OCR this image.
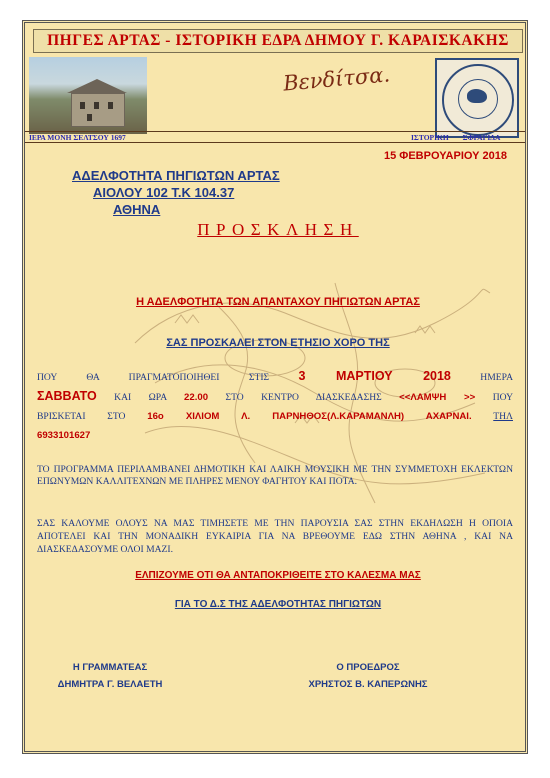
ΠΗΓΕΣ ΑΡΤΑΣ - ΙΣΤΟΡΙΚΗ ΕΔΡΑ ΔΗΜΟΥ Γ. ΚΑΡΑΙΣΚΑΚΗΣ
Βενδίτσα.
ΙΕΡΑ ΜΟΝΗ ΣΕΛΤΣΟΥ 1697	ΙΣΤΟΡΙΚΗ ΣΦΡΑΓΙΔΑ
15 ΦΕΒΡΟΥΑΡΙΟΥ 2018
ΑΔΕΛΦΟΤΗΤΑ ΠΗΓΙΩΤΩΝ ΑΡΤΑΣ
ΑΙΟΛΟΥ 102 Τ.Κ 104.37
ΑΘΗΝΑ
ΠΡΟΣΚΛΗΣΗ
Η ΑΔΕΛΦΟΤΗΤΑ ΤΩΝ ΑΠΑΝΤΑΧΟΥ ΠΗΓΙΩΤΩΝ ΑΡΤΑΣ
ΣΑΣ ΠΡΟΣΚΑΛΕΙ ΣΤΟΝ ΕΤΗΣΙΟ ΧΟΡΟ ΤΗΣ
ΠΟΥ ΘΑ ΠΡΑΓΜΑΤΟΠΟΙΗΘΕΙ ΣΤΙΣ 3 ΜΑΡΤΙΟΥ 2018 ΗΜΕΡΑ
ΣΑΒΒΑΤΟ ΚΑΙ ΩΡΑ 22.00 ΣΤΟ ΚΕΝΤΡΟ ΔΙΑΣΚΕΔΑΣΗΣ <<ΛΑΜΨΗ >> ΠΟΥ
ΒΡΙΣΚΕΤΑΙ ΣΤΟ 16ο ΧΙΛΙΟΜ Λ. ΠΑΡΝΗΘΟΣ(Λ.ΚΑΡΑΜΑΝΛΗ) ΑΧΑΡΝΑΙ. ΤΗΛ
6933101627
ΤΟ ΠΡΟΓΡΑΜΜΑ ΠΕΡΙΛΑΜΒΑΝΕΙ ΔΗΜΟΤΙΚΗ ΚΑΙ ΛΑΙΚΗ ΜΟΥΣΙΚΗ ΜΕ ΤΗΝ ΣΥΜΜΕΤΟΧΗ ΕΚΛΕΚΤΩΝ ΕΠΩΝΥΜΩΝ ΚΑΛΛΙΤΕΧΝΩΝ ΜΕ ΠΛΗΡΕΣ ΜΕΝΟΥ ΦΑΓΗΤΟΥ ΚΑΙ ΠΟΤΑ.
ΣΑΣ ΚΑΛΟΥΜΕ ΟΛΟΥΣ ΝΑ ΜΑΣ ΤΙΜΗΣΕΤΕ ΜΕ ΤΗΝ ΠΑΡΟΥΣΙΑ ΣΑΣ ΣΤΗΝ ΕΚΔΗΛΩΣΗ Η ΟΠΟΙΑ ΑΠΟΤΕΛΕΙ ΚΑΙ ΤΗΝ ΜΟΝΑΔΙΚΗ ΕΥΚΑΙΡΙΑ ΓΙΑ ΝΑ ΒΡΕΘΟΥΜΕ ΕΔΩ ΣΤΗΝ ΑΘΗΝΑ , ΚΑΙ ΝΑ ΔΙΑΣΚΕΔΑΣΟΥΜΕ ΟΛΟΙ ΜΑΖΙ.
ΕΛΠΙΖΟΥΜΕ ΟΤΙ ΘΑ ΑΝΤΑΠΟΚΡΙΘΕΙΤΕ ΣΤΟ ΚΑΛΕΣΜΑ ΜΑΣ
ΓΙΑ ΤΟ Δ.Σ ΤΗΣ ΑΔΕΛΦΟΤΗΤΑΣ ΠΗΓΙΩΤΩΝ
Η ΓΡΑΜΜΑΤΕΑΣ
ΔΗΜΗΤΡΑ Γ. ΒΕΛΑΕΤΗ
Ο ΠΡΟΕΔΡΟΣ
ΧΡΗΣΤΟΣ Β. ΚΑΠΕΡΩΝΗΣ
